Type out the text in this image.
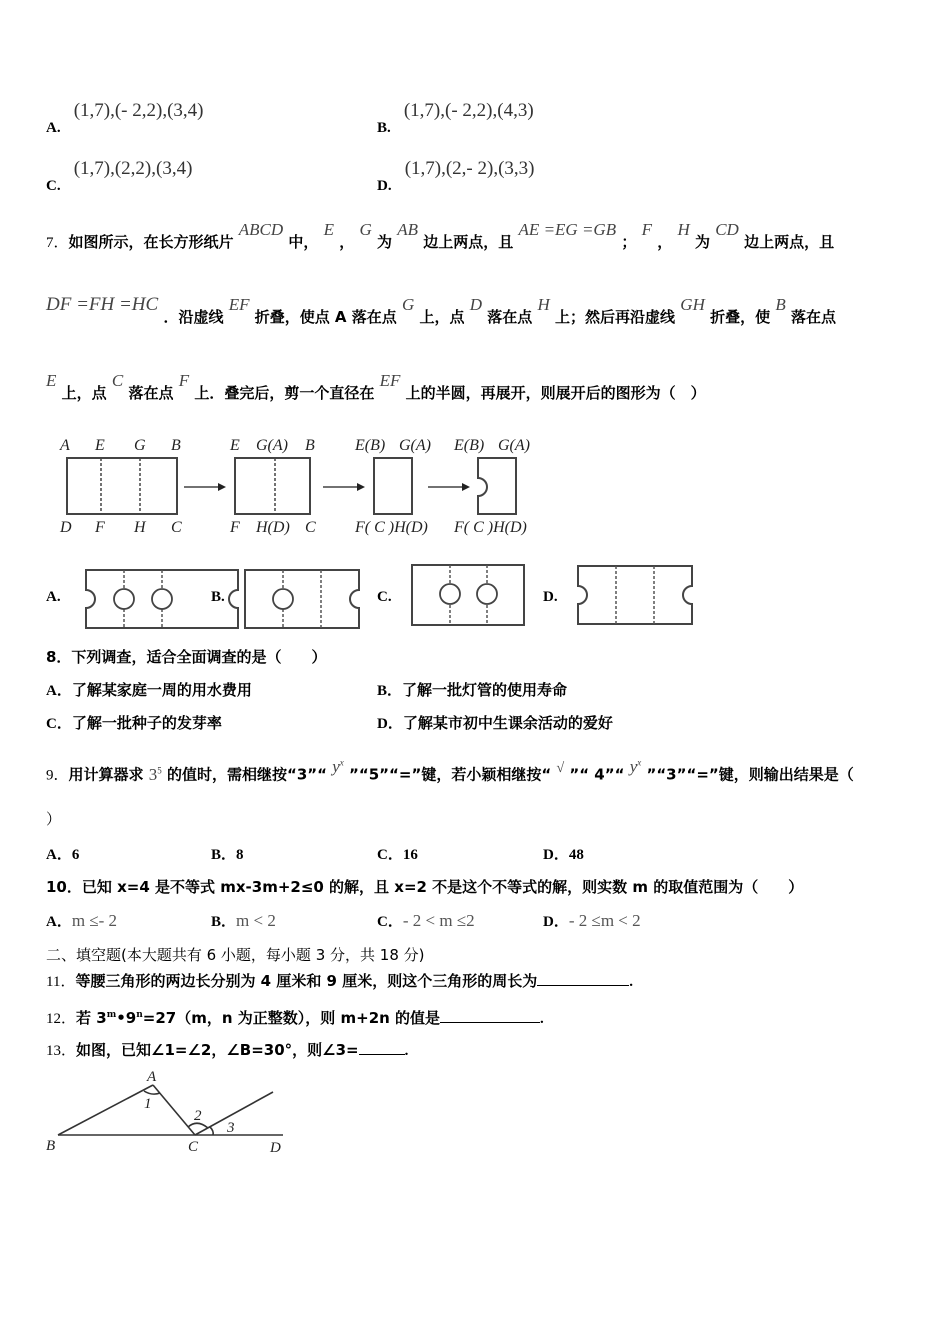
A. (1,7),(- 2,2),(3,4)
B. (1,7),(- 2,2),(4,3)
C. (1,7),(2,2),(3,4)
D. (1,7),(2,- 2),(3,3)
7．如图所示，在长方形纸片 ABCD 中， E ， G 为 AB 边上两点，且 AE =EG =GB ； F ， H 为 CD 边上两点，且
DF =FH =HC ．沿虚线 EF 折叠，使点 A 落在点 G 上，点 D 落在点 H 上；然后再沿虚线 GH 折叠，使 B 落在点
E 上，点 C 落在点 F 上．叠完后，剪一个直径在 EF 上的半圆，再展开，则展开后的图形为（　）
A E G B
D F H C
E G(A) B
F H(D) C
E(B) G(A)
F( C )H(D)
E(B) G(A)
F( C )H(D)
A.	B.	C.	D.
8．下列调查，适合全面调查的是（　　）
A．了解某家庭一周的用水费用	B．了解一批灯管的使用寿命
C．了解一批种子的发芽率	D．了解某市初中生课余活动的爱好
9．用计算器求 $3^5$ 的值时，需相继按“3”“ $y^x$ ”“5”“=”键，若小颖相继按“ √ ”“ 4”“ $y^x$ ”“3”“=”键，则输出结果是（
）
A．6	B．8	C．16	D．48
10．已知 x=4 是不等式 mx-3m+2≤0 的解，且 x=2 不是这个不等式的解，则实数 m 的取值范围为（　　）
A．m ≤- 2	B．m < 2	C．- 2 < m ≤2	D．- 2 ≤m < 2
二、填空题(本大题共有 6 小题，每小题 3 分，共 18 分)
11．等腰三角形的两边长分别为 4 厘米和 9 厘米，则这个三角形的周长为	.
12．若 $3^m•9^n=27(m$，n 为正整数），则 m+2n 的值是	.
13．如图，已知∠1=∠2，∠B=30°，则∠3=	.
A
B	C	D
1
2
3
